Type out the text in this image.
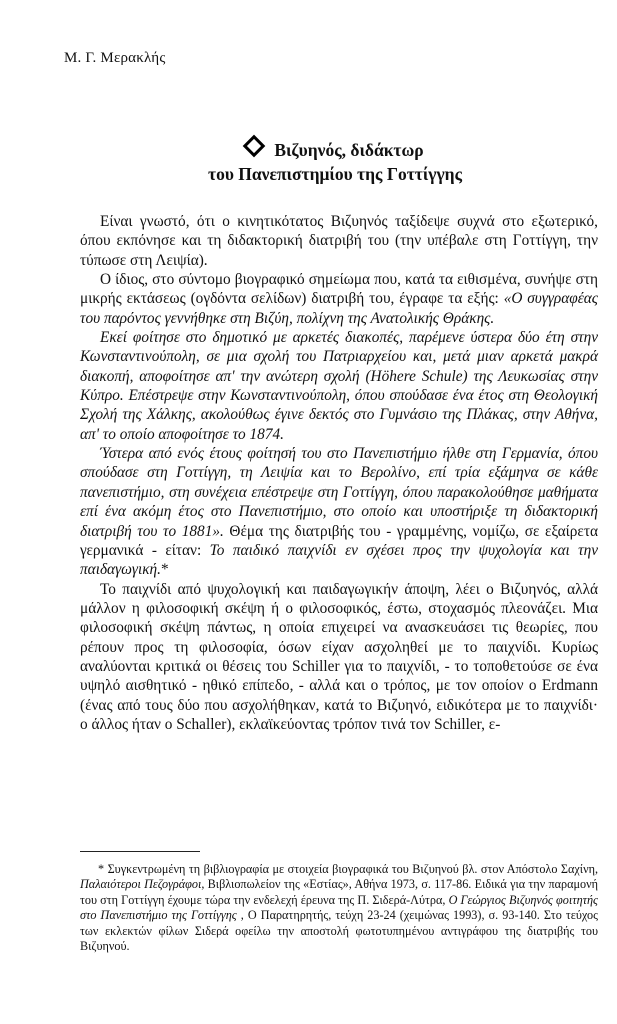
Μ. Γ. Μερακλής
Βιζυηνός, διδάκτωρ
του Πανεπιστημίου της Γοττίγγης

Είναι γνωστό, ότι ο κινητικότατος Βιζυηνός ταξίδεψε συχνά στο εξωτερικό, όπου εκπόνησε και τη διδακτορική διατριβή του (την υπέβαλε στη Γοττίγγη, την τύπωσε στη Λειψία).

Ο ίδιος, στο σύντομο βιογραφικό σημείωμα που, κατά τα ειθισμένα, συνήψε στη μικρής εκτάσεως (ογδόντα σελίδων) διατριβή του, έγραφε τα εξής: «Ο συγγραφέας του παρόντος γεννήθηκε στη Βιζύη, πολίχνη της Ανατολικής Θράκης.

Εκεί φοίτησε στο δημοτικό με αρκετές διακοπές, παρέμενε ύστερα δύο έτη στην Κωνσταντινούπολη, σε μια σχολή του Πατριαρχείου και, μετά μιαν αρκετά μακρά διακοπή, αποφοίτησε απ' την ανώτερη σχολή (Höhere Schule) της Λευκωσίας στην Κύπρο. Επέστρεψε στην Κωνσταντινούπολη, όπου σπούδασε ένα έτος στη Θεολογική Σχολή της Χάλκης, ακολούθως έγινε δεκτός στο Γυμνάσιο της Πλάκας, στην Αθήνα, απ' το οποίο αποφοίτησε το 1874.

Ύστερα από ενός έτους φοίτησή του στο Πανεπιστήμιο ήλθε στη Γερμανία, όπου σπούδασε στη Γοττίγγη, τη Λειψία και το Βερολίνο, επί τρία εξάμηνα σε κάθε πανεπιστήμιο, στη συνέχεια επέστρεψε στη Γοττίγγη, όπου παρακολούθησε μαθήματα επί ένα ακόμη έτος στο Πανεπιστήμιο, στο οποίο και υποστήριξε τη διδακτορική διατριβή του το 1881». Θέμα της διατριβής του - γραμμένης, νομίζω, σε εξαίρετα γερμανικά - είταν: Το παιδικό παιχνίδι εν σχέσει προς την ψυχολογία και την παιδαγωγική.*

Το παιχνίδι από ψυχολογική και παιδαγωγικήν άποψη, λέει ο Βιζυηνός, αλλά μάλλον η φιλοσοφική σκέψη ή ο φιλοσοφικός, έστω, στοχασμός πλεονάζει. Μια φιλοσοφική σκέψη πάντως, η οποία επιχειρεί να ανασκευάσει τις θεωρίες, που ρέπουν προς τη φιλοσοφία, όσων είχαν ασχοληθεί με το παιχνίδι. Κυρίως αναλύονται κριτικά οι θέσεις του Schiller για το παιχνίδι, - το τοποθετούσε σε ένα υψηλό αισθητικό - ηθικό επίπεδο, - αλλά και ο τρόπος, με τον οποίον ο Erdmann (ένας από τους δύο που ασχολήθηκαν, κατά το Βιζυηνό, ειδικότερα με το παιχνίδι· ο άλλος ήταν ο Schaller), εκλαϊκεύοντας τρόπον τινά τον Schiller, ε-

* Συγκεντρωμένη τη βιβλιογραφία με στοιχεία βιογραφικά του Βιζυηνού βλ. στον Απόστολο Σαχίνη, Παλαιότεροι Πεζογράφοι, Βιβλιοπωλείον της «Εστίας», Αθήνα 1973, σ. 117-86. Ειδικά για την παραμονή του στη Γοττίγγη έχουμε τώρα την ενδελεχή έρευνα της Π. Σιδερά-Λύτρα, Ο Γεώργιος Βιζυηνός φοιτητής στο Πανεπιστήμιο της Γοττίγγης , Ο Παρατηρητής, τεύχη 23-24 (χειμώνας 1993), σ. 93-140. Στο τεύχος των εκλεκτών φίλων Σιδερά οφείλω την αποστολή φωτοτυπημένου αντιγράφου της διατριβής του Βιζυηνού.
